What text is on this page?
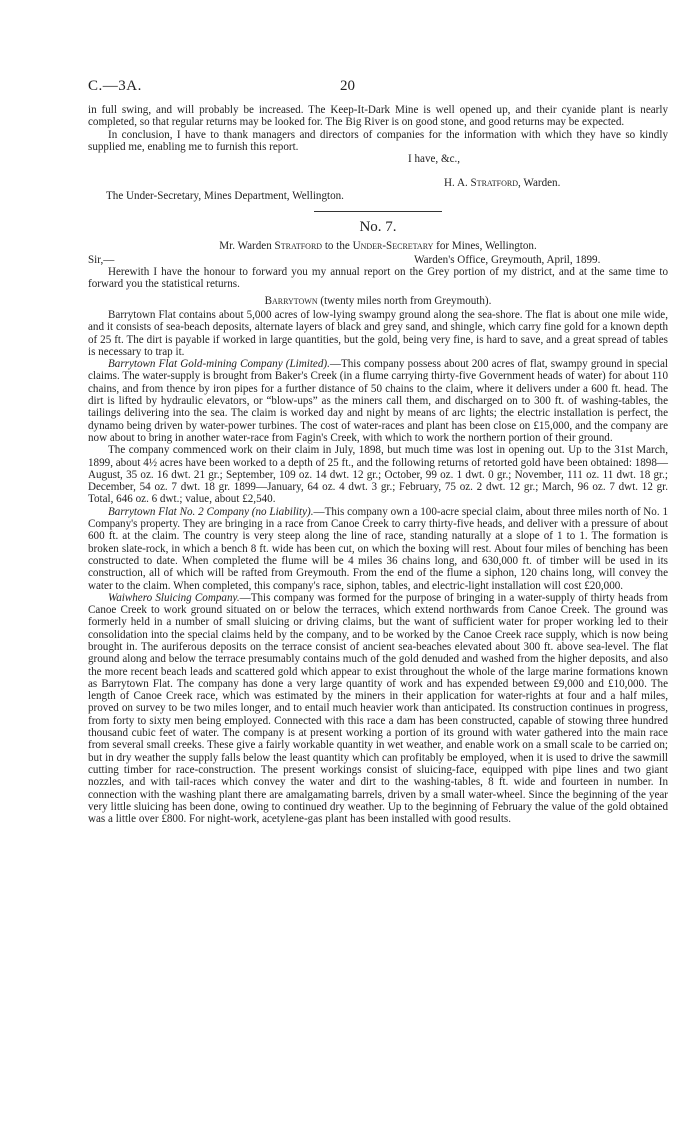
C.—3A.	20

in full swing, and will probably be increased. The Keep-It-Dark Mine is well opened up, and their cyanide plant is nearly completed, so that regular returns may be looked for. The Big River is on good stone, and good returns may be expected.

In conclusion, I have to thank managers and directors of companies for the information with which they have so kindly supplied me, enabling me to furnish this report.

I have, &c.,
H. A. Stratford, Warden.

The Under-Secretary, Mines Department, Wellington.

No. 7.

Mr. Warden Stratford to the Under-Secretary for Mines, Wellington.

Sir,—	Warden's Office, Greymouth, April, 1899.

Herewith I have the honour to forward you my annual report on the Grey portion of my district, and at the same time to forward you the statistical returns.

Barrytown (twenty miles north from Greymouth).

Barrytown Flat contains about 5,000 acres of low-lying swampy ground along the sea-shore. The flat is about one mile wide, and it consists of sea-beach deposits, alternate layers of black and grey sand, and shingle, which carry fine gold for a known depth of 25 ft. The dirt is payable if worked in large quantities, but the gold, being very fine, is hard to save, and a great spread of tables is necessary to trap it.

Barrytown Flat Gold-mining Company (Limited).—This company possess about 200 acres of flat, swampy ground in special claims. The water-supply is brought from Baker's Creek (in a flume carrying thirty-five Government heads of water) for about 110 chains, and from thence by iron pipes for a further distance of 50 chains to the claim, where it delivers under a 600 ft. head. The dirt is lifted by hydraulic elevators, or “blow-ups” as the miners call them, and discharged on to 300 ft. of washing-tables, the tailings delivering into the sea. The claim is worked day and night by means of arc lights; the electric installation is perfect, the dynamo being driven by water-power turbines. The cost of water-races and plant has been close on £15,000, and the company are now about to bring in another water-race from Fagin's Creek, with which to work the northern portion of their ground.

The company commenced work on their claim in July, 1898, but much time was lost in opening out. Up to the 31st March, 1899, about 4½ acres have been worked to a depth of 25 ft., and the following returns of retorted gold have been obtained: 1898—August, 35 oz. 16 dwt. 21 gr.; September, 109 oz. 14 dwt. 12 gr.; October, 99 oz. 1 dwt. 0 gr.; November, 111 oz. 11 dwt. 18 gr.; December, 54 oz. 7 dwt. 18 gr. 1899—January, 64 oz. 4 dwt. 3 gr.; February, 75 oz. 2 dwt. 12 gr.; March, 96 oz. 7 dwt. 12 gr. Total, 646 oz. 6 dwt.; value, about £2,540.

Barrytown Flat No. 2 Company (no Liability).—This company own a 100-acre special claim, about three miles north of No. 1 Company's property. They are bringing in a race from Canoe Creek to carry thirty-five heads, and deliver with a pressure of about 600 ft. at the claim. The country is very steep along the line of race, standing naturally at a slope of 1 to 1. The formation is broken slate-rock, in which a bench 8 ft. wide has been cut, on which the boxing will rest. About four miles of benching has been constructed to date. When completed the flume will be 4 miles 36 chains long, and 630,000 ft. of timber will be used in its construction, all of which will be rafted from Greymouth. From the end of the flume a siphon, 120 chains long, will convey the water to the claim. When completed, this company's race, siphon, tables, and electric-light installation will cost £20,000.

Waiwhero Sluicing Company.—This company was formed for the purpose of bringing in a water-supply of thirty heads from Canoe Creek to work ground situated on or below the terraces, which extend northwards from Canoe Creek. The ground was formerly held in a number of small sluicing or driving claims, but the want of sufficient water for proper working led to their consolidation into the special claims held by the company, and to be worked by the Canoe Creek race supply, which is now being brought in. The auriferous deposits on the terrace consist of ancient sea-beaches elevated about 300 ft. above sea-level. The flat ground along and below the terrace presumably contains much of the gold denuded and washed from the higher deposits, and also the more recent beach leads and scattered gold which appear to exist throughout the whole of the large marine formations known as Barrytown Flat. The company has done a very large quantity of work and has expended between £9,000 and £10,000. The length of Canoe Creek race, which was estimated by the miners in their application for water-rights at four and a half miles, proved on survey to be two miles longer, and to entail much heavier work than anticipated. Its construction continues in progress, from forty to sixty men being employed. Connected with this race a dam has been constructed, capable of stowing three hundred thousand cubic feet of water. The company is at present working a portion of its ground with water gathered into the main race from several small creeks. These give a fairly workable quantity in wet weather, and enable work on a small scale to be carried on; but in dry weather the supply falls below the least quantity which can profitably be employed, when it is used to drive the sawmill cutting timber for race-construction. The present workings consist of sluicing-face, equipped with pipe lines and two giant nozzles, and with tail-races which convey the water and dirt to the washing-tables, 8 ft. wide and fourteen in number. In connection with the washing plant there are amalgamating barrels, driven by a small water-wheel. Since the beginning of the year very little sluicing has been done, owing to continued dry weather. Up to the beginning of February the value of the gold obtained was a little over £800. For night-work, acetylene-gas plant has been installed with good results.
